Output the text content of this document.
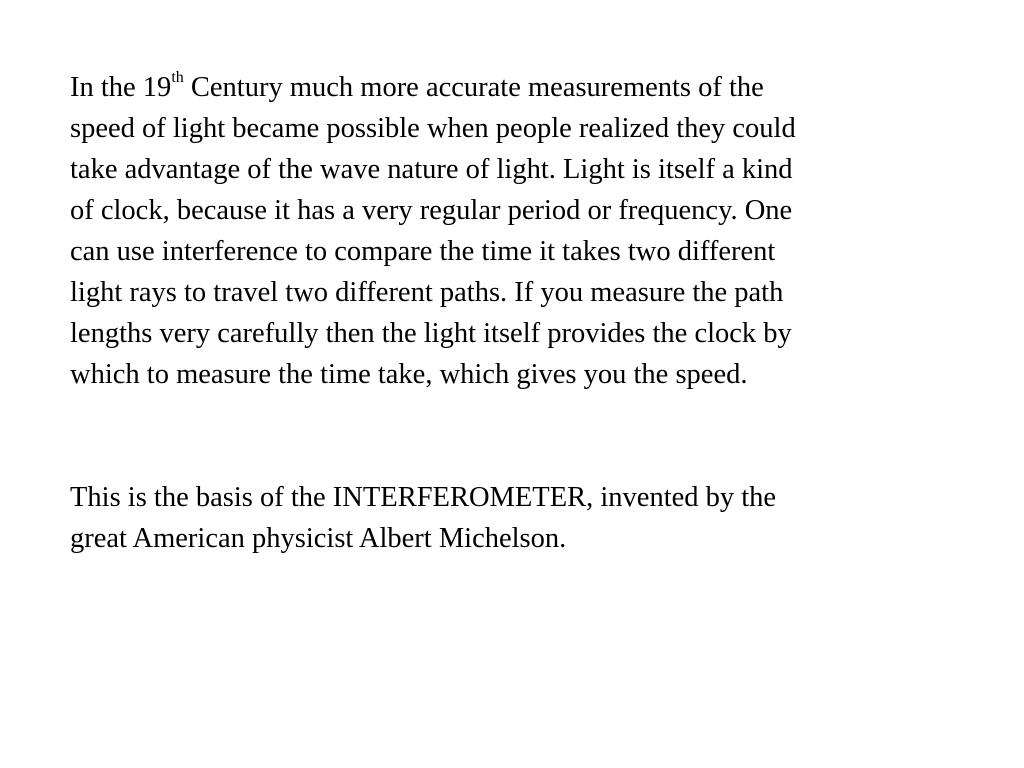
In the 19th Century much more accurate measurements of the
speed of light became possible when people realized they could
take advantage of the wave nature of light. Light is itself a kind
of clock, because it has a very regular period or frequency. One
can use interference to compare the time it takes two different
light rays to travel two different paths. If you measure the path
lengths very carefully then the light itself provides the clock by
which to measure the time take, which gives you the speed.

This is the basis of the INTERFEROMETER, invented by the
great American physicist Albert Michelson.
